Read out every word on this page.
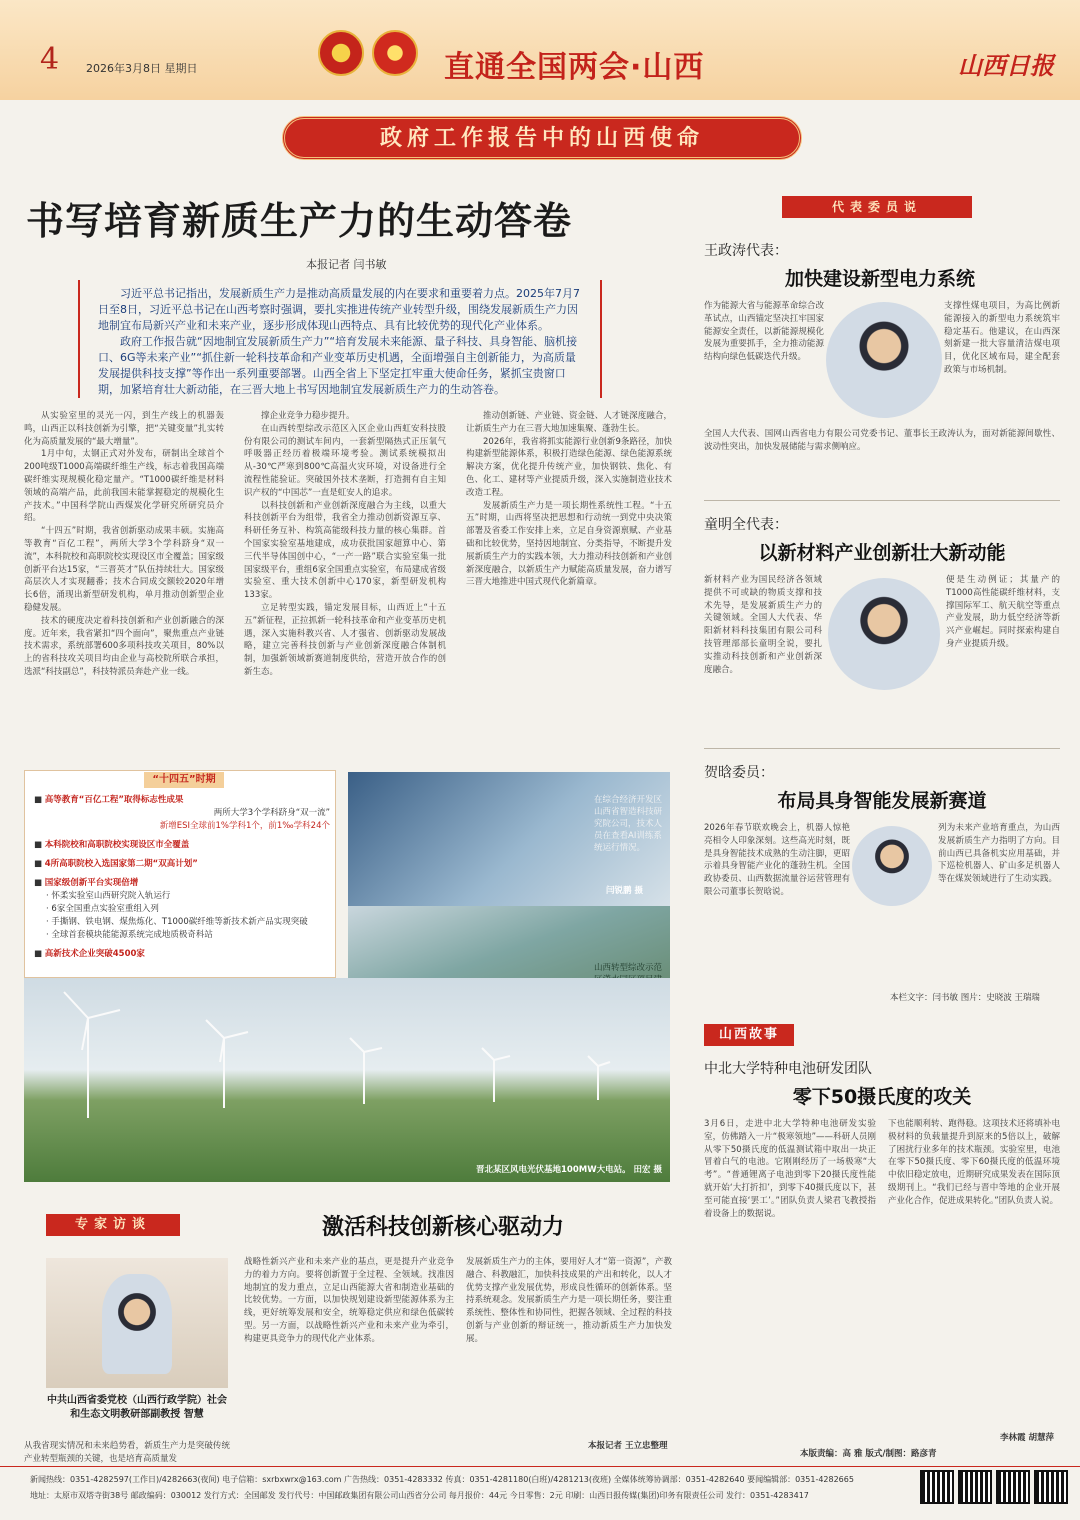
4 2026年3月8日 星期日	直通全国两会·山西	山西日报
政府工作报告中的山西使命
书写培育新质生产力的生动答卷
本报记者 闫书敏

习近平总书记指出，发展新质生产力是推动高质量发展的内在要求和重要着力点。2025年7月7日至8日，习近平总书记在山西考察时强调，要扎实推进传统产业转型升级，围绕发展新质生产力因地制宜布局新兴产业和未来产业，逐步形成体现山西特点、具有比较优势的现代化产业体系。

政府工作报告就“因地制宜发展新质生产力”“培育发展未来能源、量子科技、具身智能、脑机接口、6G等未来产业”“抓住新一轮科技革命和产业变革历史机遇，全面增强自主创新能力，为高质量发展提供科技支撑”等作出一系列重要部署。山西全省上下坚定扛牢重大使命任务，紧抓宝贵窗口期，加紧培育壮大新动能，在三晋大地上书写因地制宜发展新质生产力的生动答卷。

从实验室里的灵光一闪，到生产线上的机器轰鸣，山西正以科技创新为引擎，把“关键变量”扎实转化为高质量发展的“最大增量”。

1月中旬，太钢正式对外发布，研制出全球首个200吨级T1000高端碳纤维生产线，标志着我国高端碳纤维实现规模化稳定量产。“T1000碳纤维是材料领域的高端产品，此前我国未能掌握稳定的规模化生产技术。”中国科学院山西煤炭化学研究所研究员介绍。

“十四五”时期，我省创新驱动成果丰硕。实施高等教育“百亿工程”，两所大学3个学科跻身“双一流”，本科院校和高职院校实现设区市全覆盖；国家级创新平台达15家，“三晋英才”队伍持续壮大。国家级高层次人才实现翻番；技术合同成交额较2020年增长6倍，涌现出新型研发机构，单月推动创新型企业稳健发展。

技术的硬度决定着科技创新和产业创新融合的深度。近年来，我省紧扣“四个面向”，聚焦重点产业链技术需求，系统部署600多项科技攻关项目，80%以上的省科技攻关项目均由企业与高校院所联合承担，选派“科技副总”，科技特派员奔赴产业一线。

撑企业竞争力稳步提升。

在山西转型综改示范区入区企业山西虹安科技股份有限公司的测试车间内，一套新型隔热式正压氧气呼吸器正经历着极端环境考验。测试系统模拟出从-30℃严寒到800℃高温火灾环境，对设备进行全流程性能验证。突破国外技术垄断，打造拥有自主知识产权的“中国芯”一直是虹安人的追求。

以科技创新和产业创新深度融合为主线，以重大科技创新平台为组带，我省全力推动创新资源互享、科研任务互补、构筑高能级科技力量的核心集群。首个国家实验室基地建成，成功获批国家超算中心、第三代半导体国创中心，“一产一路”联合实验室集一批国家级平台，重组6家全国重点实验室，布局建成省级实验室、重大技术创新中心170家，新型研发机构133家。

立足转型实践，锚定发展目标，山西近上“十五五”新征程，正拉抓新一轮科技革命和产业变革历史机遇，深入实施科教兴省、人才强省、创新驱动发展战略，建立完善科技创新与产业创新深度融合体制机制，加强新领域新赛道制度供给，营造开放合作的创新生态。

推动创新链、产业链、资金链、人才链深度融合，让新质生产力在三晋大地加速集聚、蓬勃生长。

2026年，我省将抓实能源行业创新9条路径，加快构建新型能源体系，积极打造绿色能源、绿色能源系统解决方案，优化提升传统产业，加快钢铁、焦化、有色、化工、建材等产业提质升级，深入实施制造业技术改造工程。

发展新质生产力是一项长期性系统性工程。“十五五”时期，山西将坚决把思想和行动统一到党中央决策部署及省委工作安排上来，立足自身资源禀赋、产业基础和比较优势，坚持因地制宜、分类指导，不断提升发展新质生产力的实践本领，大力推动科技创新和产业创新深度融合，以新质生产力赋能高质量发展，奋力谱写三晋大地推进中国式现代化新篇章。

“十四五”时期
■ 高等教育“百亿工程”取得标志性成果
两所大学3个学科跻身“双一流”
新增ESI全球前1%学科1个，前1‰学科24个
■ 本科院校和高职院校实现设区市全覆盖
■ 4所高职院校入选国家第二期“双高计划”
■ 国家级创新平台实现倍增
· 怀柔实验室山西研究院入轨运行
· 6家全国重点实验室重组入列
· 手撕钢、铁电钢、煤焦炼化、T1000碳纤维等新技术新产品实现突破
· 全球首套模块能能源系统完成地质极奇科站
■ 高新技术企业突破4500家
在综合经济开发区山西省智造科技研究院公司，技术人员在查看AI训练系统运行情况。
闫锐鹏 摄
山西转型综改示范
晋北某区风电光伏基地100MW大电站。 田宏 摄
代表委员说
王政涛代表：
加快建设新型电力系统
作为能源大省与能源革命综合改革试点，山西锚定坚决扛牢国家能源安全责任，以新能源规模化发展为重要抓手，全力推动能源结构向绿色低碳迭代升级。
支撑性煤电项目，为高比例新能源接入的新型电力系统筑牢稳定基石。他建议，在山西深刻新建一批大容量清洁煤电项目，优化区域布局，建全配套政策与市场机制。
全国人大代表、国网山西省电力有限公司党委书记、董事长王政涛认为，面对新能源间歇性、波动性突出，加快发展储能与需求侧响应。
童明全代表：
以新材料产业创新壮大新动能
新材料产业为国民经济各领域提供不可或缺的物质支撑和技术先导，是发展新质生产力的关键领域。全国人大代表、华阳新材料科技集团有限公司科技管理部部长童明全说，要扎实推动科技创新和产业创新深度融合。
便是生动例证；其量产的T1000高性能碳纤维材料，支撑国际军工、航天航空等重点产业发展，助力低空经济等新兴产业崛起。同时探索构建自身产业提质升级。
贺晗委员：
布局具身智能发展新赛道
2026年春节联欢晚会上，机器人惊艳亮相令人印象深刻。这些高光时刻，既是具身智能技术成熟的生动注脚，更昭示着具身智能产业化的蓬勃生机。全国政协委员、山西数据流量谷运营管理有限公司董事长贺晗说。
列为未来产业培育重点，为山西发展新质生产力指明了方向。目前山西已具备机实应用基础，并下巡检机器人、矿山多足机器人等在煤炭领域进行了生动实践。
本栏文字：闫书敏 图片：史晓波 王瑞瑞
山西故事
中北大学特种电池研发团队
零下50摄氏度的攻关
3月6日，走进中北大学特种电池研发实验室，仿佛踏入一片“极寒领地”——科研人员刚从零下50摄氏度的低温测试箱中取出一块正冒着白气的电池。它刚刚经历了一场极寒“大考”。“普通锂离子电池到零下20摄氏度性能就开始‘大打折扣’，到零下40摄氏度以下，甚至可能直接‘罢工’。”团队负责人梁君飞教授指着设备上的数据说。
下也能顺利转、跑得稳。这项技术还将填补电极材料的负载量提升到原来的5倍以上，破解了困扰行业多年的技术瓶颈。实验室里，电池在零下50摄氏度、零下60摄氏度的低温环境中依旧稳定放电，近期研究成果发表在国际顶级期刊上。“我们已经与晋中等地的企业开展产业化合作，促进成果转化。”团队负责人说。
李林霞 胡慧萍
专家访谈	激活科技创新核心驱动力
中共山西省委党校（山西行政学院）社会和生态文明教研部副教授 智慧
从我省现实情况和未来趋势看，新质生产力是突破传统产业转型瓶颈的关键，也是培育高质量发
战略性新兴产业和未来产业的基点，更是提升产业竞争力的着力方向。要将创新置于全过程、全领域。找准因地制宜的发力重点，立足山西能源大省和制造业基础的比较优势。一方面，以加快规划建设新型能源体系为主线，更好统筹发展和安全，统筹稳定供应和绿色低碳转型。另一方面，以战略性新兴产业和未来产业为牵引，构建更具竞争力的现代化产业体系。
发展新质生产力的主体，要用好人才“第一资源”，产教融合、科教融汇，加快科技成果的产出和转化，以人才优势支撑产业发展优势，形成良性循环的创新体系。坚持系统观念。发展新质生产力是一项长期任务，要注重系统性、整体性和协同性，把握各领域、全过程的科技创新与产业创新的辩证统一，推动新质生产力加快发展。
本报记者 王立忠整理
本版责编：高 雅 版式/制图：路彦青
新闻热线：0351-4282597(工作日)/4282663(夜间) 电子信箱：sxrbxwrx@163.com 广告热线：0351-4283332 传真：0351-4281180(白班)/4281213(夜班) 全媒体统筹协调部：0351-4282640 要闻编辑部：0351-4282665
地址：太原市双塔寺街38号 邮政编码：030012 发行方式：全国邮发 发行代号：中国邮政集团有限公司山西省分公司 每月报价：44元 今日零售：2元 印刷：山西日报传媒(集团)印务有限责任公司 发行：0351-4283417
